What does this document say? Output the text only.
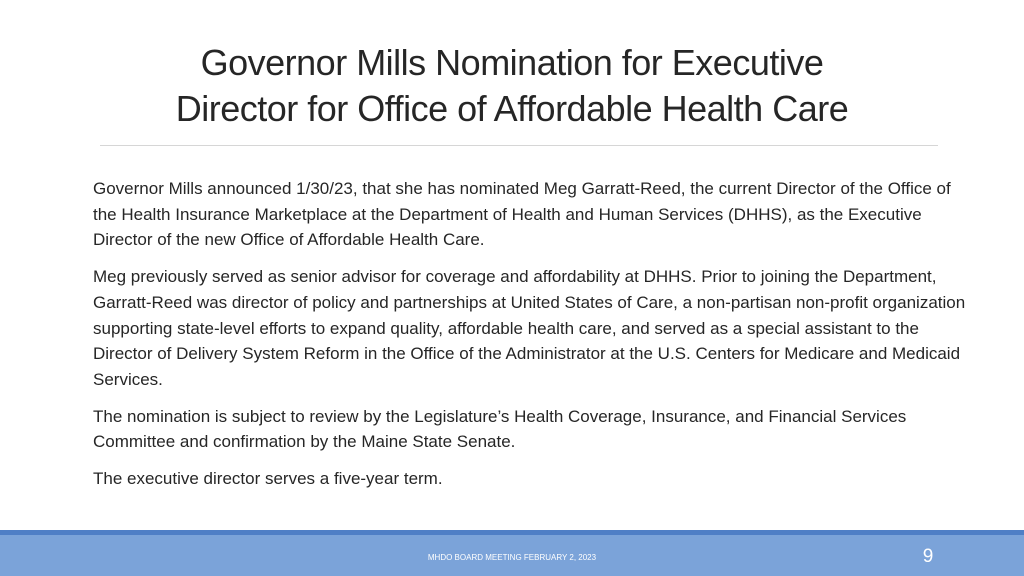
Governor Mills Nomination for Executive
Director for Office of Affordable Health Care

Governor Mills announced 1/30/23, that she has nominated Meg Garratt-Reed, the current Director of the Office of the Health Insurance Marketplace at the Department of Health and Human Services (DHHS), as the Executive Director of the new Office of Affordable Health Care.

Meg previously served as senior advisor for coverage and affordability at DHHS. Prior to joining the Department, Garratt-Reed was director of policy and partnerships at United States of Care, a non-partisan non-profit organization supporting state-level efforts to expand quality, affordable health care, and served as a special assistant to the Director of Delivery System Reform in the Office of the Administrator at the U.S. Centers for Medicare and Medicaid Services.

The nomination is subject to review by the Legislature’s Health Coverage, Insurance, and Financial Services Committee and confirmation by the Maine State Senate.

The executive director serves a five-year term.

MHDO BOARD MEETING FEBRUARY 2, 2023	9
